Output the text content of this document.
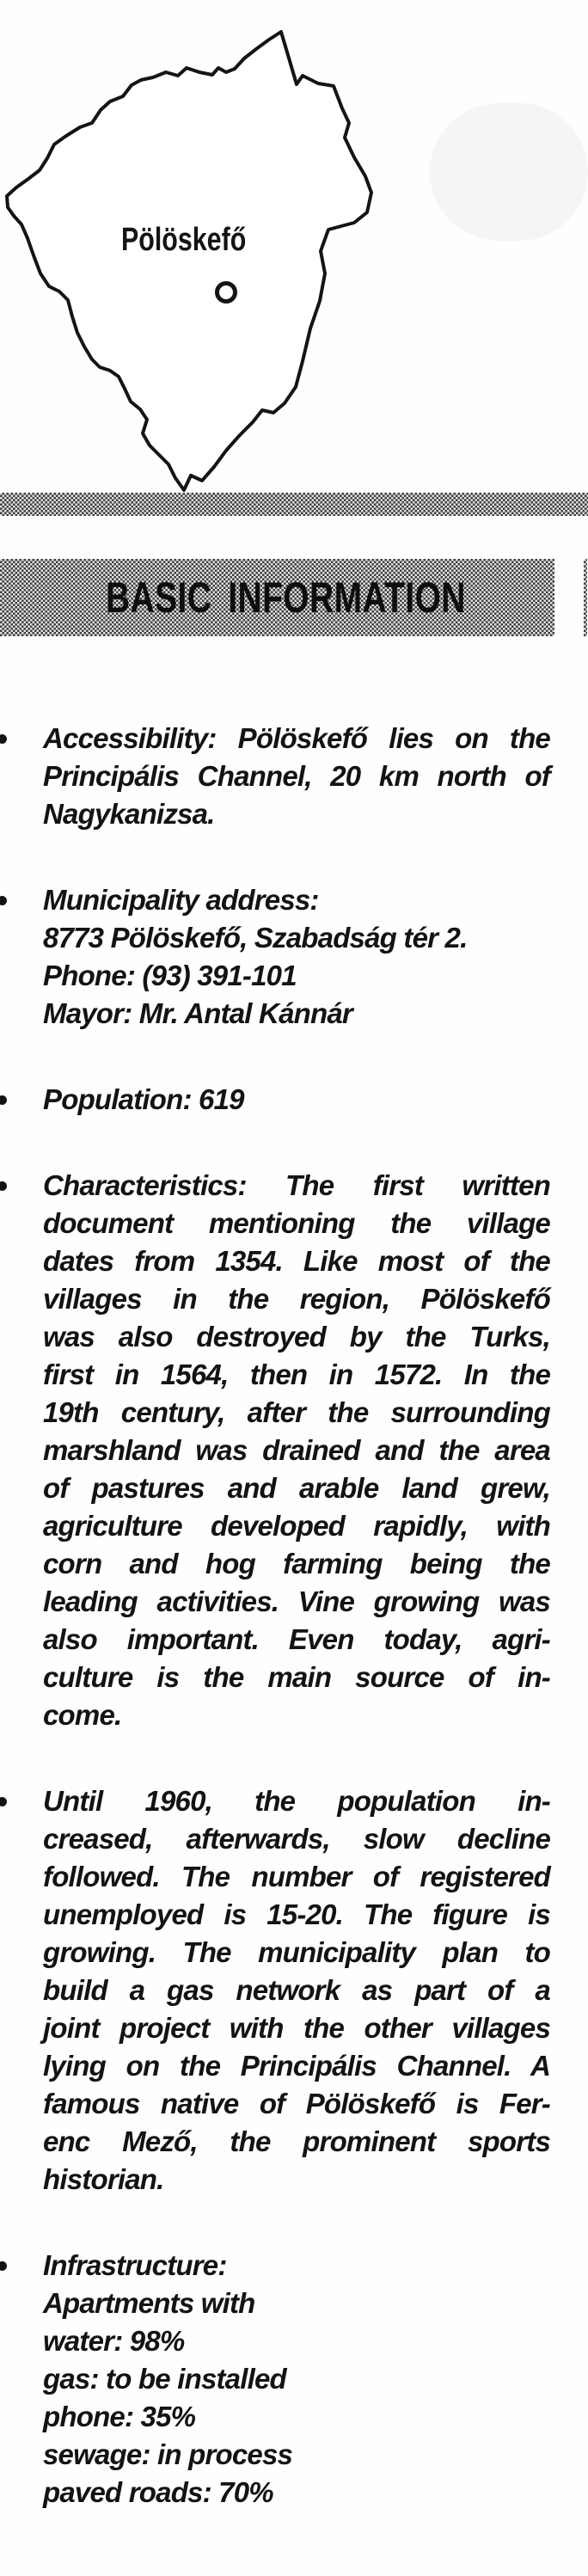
Pölöskefő
BASIC INFORMATION
Accessibility: Pölöskefő lies on the
Principális Channel, 20 km north of
Nagykanizsa.
Municipality address:
8773 Pölöskefő, Szabadság tér 2.
Phone: (93) 391-101
Mayor: Mr. Antal Kánnár
Population: 619
Characteristics: The first written
document mentioning the village
dates from 1354. Like most of the
villages in the region, Pölöskefő
was also destroyed by the Turks,
first in 1564, then in 1572. In the
19th century, after the surrounding
marshland was drained and the area
of pastures and arable land grew,
agriculture developed rapidly, with
corn and hog farming being the
leading activities. Vine growing was
also important. Even today, agri-
culture is the main source of in-
come.
Until 1960, the population in-
creased, afterwards, slow decline
followed. The number of registered
unemployed is 15-20. The figure is
growing. The municipality plan to
build a gas network as part of a
joint project with the other villages
lying on the Principális Channel. A
famous native of Pölöskefő is Fer-
enc Mező, the prominent sports
historian.
Infrastructure:
Apartments with
water: 98%
gas: to be installed
phone: 35%
sewage: in process
paved roads: 70%
